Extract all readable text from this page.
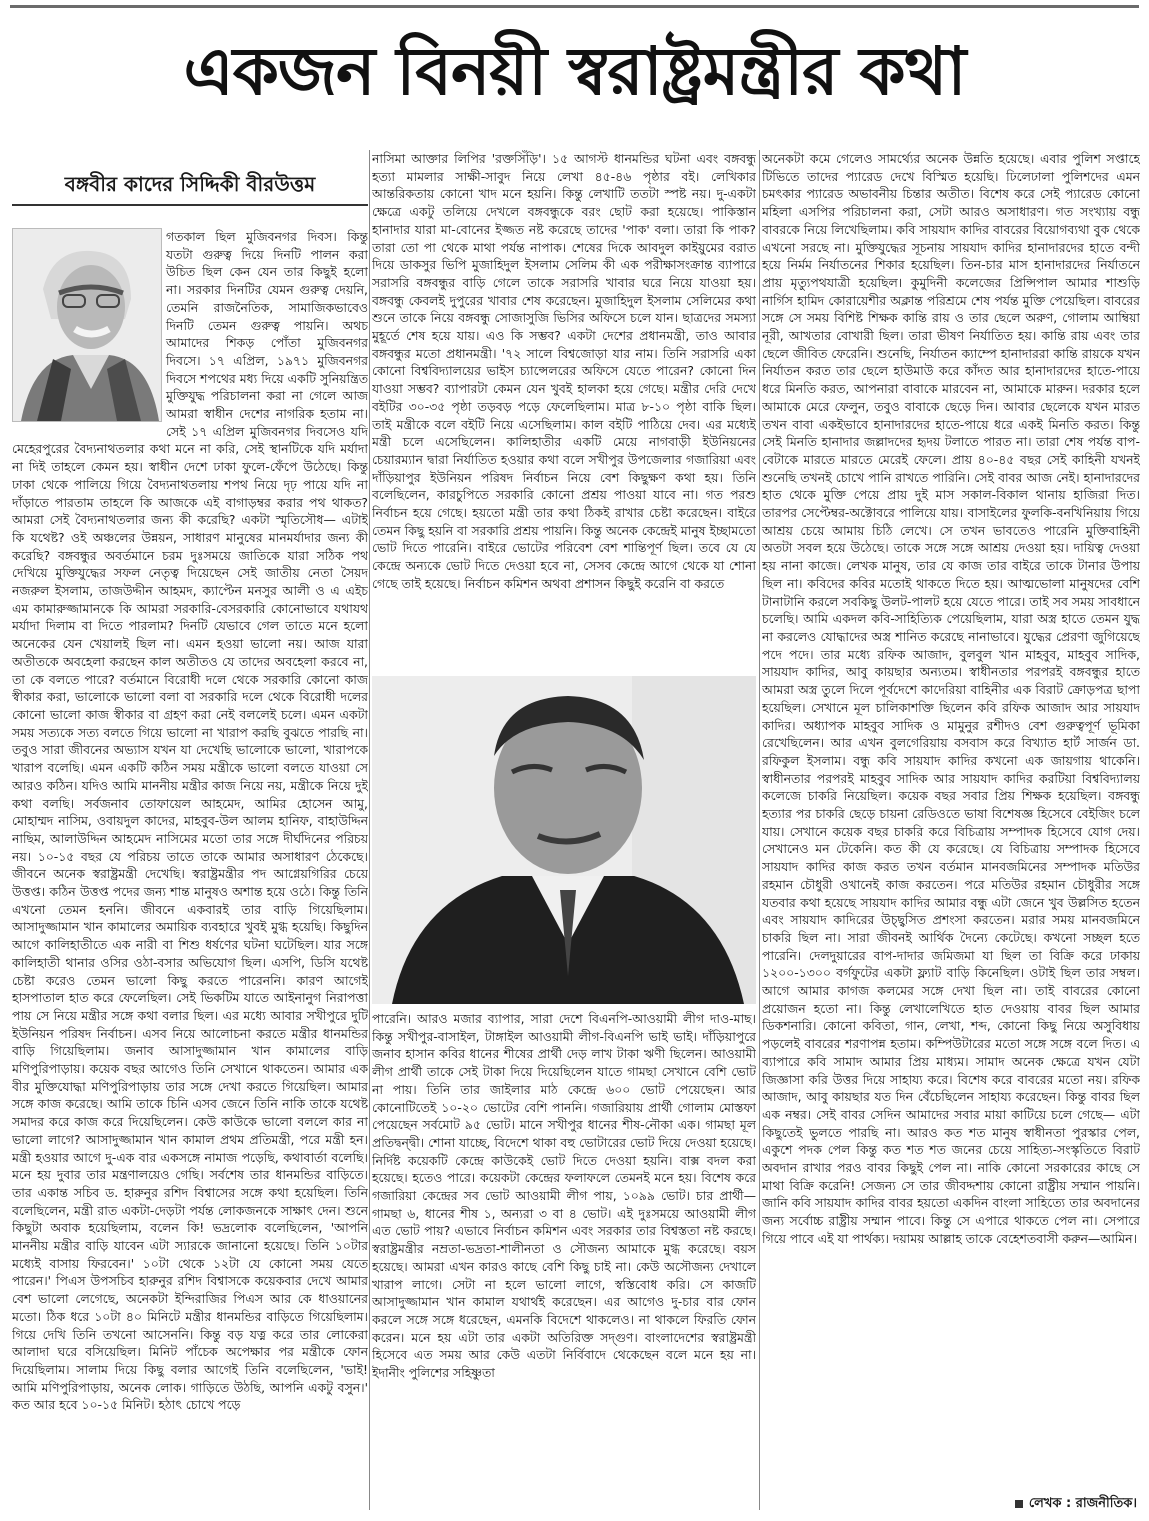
একজন বিনয়ী স্বরাষ্ট্রমন্ত্রীর কথা
বঙ্গবীর কাদের সিদ্দিকী বীরউত্তম
গতকাল ছিল মুজিবনগর দিবস। কিন্তু যতটা গুরুত্ব দিয়ে দিনটি পালন করা উচিত ছিল কেন যেন তার কিছুই হলো না। সরকার দিনটির যেমন গুরুত্ব দেয়নি, তেমনি রাজনৈতিক, সামাজিকভাবেও দিনটি তেমন গুরুত্ব পায়নি। অথচ আমাদের শিকড় পোঁতা মুজিবনগর দিবসে। ১৭ এপ্রিল, ১৯৭১ মুজিবনগর দিবসে শপথের মধ্য দিয়ে একটি সুনিয়ন্ত্রিত মুক্তিযুদ্ধ পরিচালনা করা না গেলে আজ আমরা স্বাধীন দেশের নাগরিক হতাম না। সেই ১৭ এপ্রিল মুজিবনগর দিবসেও যদি মেহেরপুরের বৈদ্যনাথতলার কথা মনে না করি, সেই স্থানটিকে যদি মর্যাদা না দিই তাহলে কেমন হয়। স্বাধীন দেশে ঢাকা ফুলে-ফেঁপে উঠেছে। কিন্তু ঢাকা থেকে পালিয়ে গিয়ে বৈদ্যনাথতলায় শপথ নিয়ে দৃঢ় পায়ে যদি না দাঁড়াতে পারতাম তাহলে কি আজকে এই বাগাড়ম্বর করার পথ থাকত? আমরা সেই বৈদ্যনাথতলার জন্য কী করেছি? একটা স্মৃতিসৌধ— এটাই কি যথেষ্ট? ওই অঞ্চলের উন্নয়ন, সাধারণ মানুষের মানমর্যাদার জন্য কী করেছি? বঙ্গবন্ধুর অবর্তমানে চরম দুঃসময়ে জাতিকে যারা সঠিক পথ দেখিয়ে মুক্তিযুদ্ধের সফল নেতৃত্ব দিয়েছেন সেই জাতীয় নেতা সৈয়দ নজরুল ইসলাম, তাজউদ্দীন আহমদ, ক্যাপ্টেন মনসুর আলী ও এ এইচ এম কামারুজ্জামানকে কি আমরা সরকারি-বেসরকারি কোনোভাবে যথাযথ মর্যাদা দিলাম বা দিতে পারলাম? দিনটি যেভাবে গেল তাতে মনে হলো অনেকের যেন খেয়ালই ছিল না। এমন হওয়া ভালো নয়। আজ যারা অতীতকে অবহেলা করছেন কাল অতীতও যে তাদের অবহেলা করবে না, তা কে বলতে পারে? বর্তমানে বিরোধী দলে থেকে সরকারি কোনো কাজ স্বীকার করা, ভালোকে ভালো বলা বা সরকারি দলে থেকে বিরোধী দলের কোনো ভালো কাজ স্বীকার বা গ্রহণ করা নেই বললেই চলে। এমন একটা সময় সত্যকে সত্য বলতে গিয়ে ভালো না খারাপ করছি বুঝতে পারছি না। তবুও সারা জীবনের অভ্যাস যখন যা দেখেছি ভালোকে ভালো, খারাপকে খারাপ বলেছি। এমন একটি কঠিন সময় মন্ত্রীকে ভালো বলতে যাওয়া সে আরও কঠিন। যদিও আমি মাননীয় মন্ত্রীর কাজ নিয়ে নয়, মন্ত্রীকে নিয়ে দুই কথা বলছি। সর্বজনাব তোফায়েল আহমেদ, আমির হোসেন আমু, মোহাম্মদ নাসিম, ওবায়দুল কাদের, মাহবুব-উল আলম হানিফ, বাহাউদ্দিন নাছিম, আলাউদ্দিন আহমেদ নাসিমের মতো তার সঙ্গে দীর্ঘদিনের পরিচয় নয়। ১০-১৫ বছর যে পরিচয় তাতে তাকে আমার অসাধারণ ঠেকেছে। জীবনে অনেক স্বরাষ্ট্রমন্ত্রী দেখেছি। স্বরাষ্ট্রমন্ত্রীর পদ আগ্নেয়গিরির চেয়ে উত্তপ্ত। কঠিন উত্তপ্ত পদের জন্য শান্ত মানুষও অশান্ত হয়ে ওঠে। কিন্তু তিনি এখনো তেমন হননি। জীবনে একবারই তার বাড়ি গিয়েছিলাম। আসাদুজ্জামান খান কামালের অমায়িক ব্যবহারে খুবই মুগ্ধ হয়েছি। কিছুদিন আগে কালিহাতীতে এক নারী বা শিশু ধর্ষণের ঘটনা ঘটেছিল। যার সঙ্গে কালিহাতী থানার ওসির ওঠা-বসার অভিযোগ ছিল। এসপি, ডিসি যথেষ্ট চেষ্টা করেও তেমন ভালো কিছু করতে পারেননি। কারণ আগেই হাসপাতাল হাত করে ফেলেছিল। সেই ভিকটিম যাতে আইনানুগ নিরাপত্তা পায় সে নিয়ে মন্ত্রীর সঙ্গে কথা বলার ছিল। এর মধ্যে আবার সখীপুরে দুটি ইউনিয়ন পরিষদ নির্বাচন। এসব নিয়ে আলোচনা করতে মন্ত্রীর ধানমন্ডির বাড়ি গিয়েছিলাম। জনাব আসাদুজ্জামান খান কামালের বাড়ি মণিপুরিপাড়ায়। কয়েক বছর আগেও তিনি সেখানে থাকতেন। আমার এক বীর মুক্তিযোদ্ধা মণিপুরিপাড়ায় তার সঙ্গে দেখা করতে গিয়েছিল। আমার সঙ্গে কাজ করেছে। আমি তাকে চিনি এসব জেনে তিনি নাকি তাকে যথেষ্ট সমাদর করে কাজ করে দিয়েছিলেন। কেউ কাউকে ভালো বললে কার না ভালো লাগে? আসাদুজ্জামান খান কামাল প্রথম প্রতিমন্ত্রী, পরে মন্ত্রী হন। মন্ত্রী হওয়ার আগে দু-এক বার একসঙ্গে নামাজ পড়েছি, কথাবার্তা বলেছি। মনে হয় দুবার তার মন্ত্রণালয়েও গেছি। সর্বশেষ তার ধানমন্ডির বাড়িতে। তার একান্ত সচিব ড. হারুনুর রশিদ বিশ্বাসের সঙ্গে কথা হয়েছিল। তিনি বলেছিলেন, মন্ত্রী রাত একটা-দেড়টা পর্যন্ত লোকজনকে সাক্ষাৎ দেন। শুনে কিছুটা অবাক হয়েছিলাম, বলেন কি! ভদ্রলোক বলেছিলেন, 'আপনি মাননীয় মন্ত্রীর বাড়ি যাবেন এটা স্যারকে জানানো হয়েছে। তিনি ১০টার মধ্যেই বাসায় ফিরবেন।' ১০টা থেকে ১২টা যে কোনো সময় যেতে পারেন।' পিএস উপসচিব হারুনুর রশিদ বিশ্বাসকে কয়েকবার দেখে আমার বেশ ভালো লেগেছে, অনেকটা ইন্দিরাজির পিএস আর কে ধাওয়ানের মতো। ঠিক ধরে ১০টা ৪০ মিনিটে মন্ত্রীর ধানমন্ডির বাড়িতে গিয়েছিলাম। গিয়ে দেখি তিনি তখনো আসেননি। কিন্তু বড় যত্ন করে তার লোকেরা আলাদা ঘরে বসিয়েছিল। মিনিট পাঁচেক অপেক্ষার পর মন্ত্রীকে ফোন দিয়েছিলাম। সালাম দিয়ে কিছু বলার আগেই তিনি বলেছিলেন, 'ভাই! আমি মণিপুরিপাড়ায়, অনেক লোক। গাড়িতে উঠছি, আপনি একটু বসুন।' কত আর হবে ১০-১৫ মিনিট। হঠাৎ চোখে পড়ে
নাসিমা আক্তার লিপির 'রক্তসিঁড়ি'। ১৫ আগস্ট ধানমন্ডির ঘটনা এবং বঙ্গবন্ধু হত্যা মামলার সাক্ষী-সাবুদ নিয়ে লেখা ৪৫-৪৬ পৃষ্ঠার বই। লেখিকার আন্তরিকতায় কোনো খাদ মনে হয়নি। কিন্তু লেখাটি ততটা স্পষ্ট নয়। দু-একটা ক্ষেত্রে একটু তলিয়ে দেখলে বঙ্গবন্ধুকে বরং ছোট করা হয়েছে। পাকিস্তান হানাদার যারা মা-বোনের ইজ্জত নষ্ট করেছে তাদের 'পাক' বলা। তারা কি পাক? তারা তো পা থেকে মাথা পর্যন্ত নাপাক। শেষের দিকে আবদুল কাইয়ুমের বরাত দিয়ে ডাকসুর ভিপি মুজাহিদুল ইসলাম সেলিম কী এক পরীক্ষাসংক্রান্ত ব্যাপারে সরাসরি বঙ্গবন্ধুর বাড়ি গেলে তাকে সরাসরি খাবার ঘরে নিয়ে যাওয়া হয়। বঙ্গবন্ধু কেবলই দুপুরের খাবার শেষ করেছেন। মুজাহিদুল ইসলাম সেলিমের কথা শুনে তাকে নিয়ে বঙ্গবন্ধু সোজাসুজি ভিসির অফিসে চলে যান। ছাত্রদের সমস্যা মুহূর্তে শেষ হয়ে যায়। এও কি সম্ভব? একটা দেশের প্রধানমন্ত্রী, তাও আবার বঙ্গবন্ধুর মতো প্রধানমন্ত্রী। '৭২ সালে বিশ্বজোড়া যার নাম। তিনি সরাসরি একা কোনো বিশ্ববিদ্যালয়ের ভাইস চ্যান্সেলরের অফিসে যেতে পারেন? কোনো দিন যাওয়া সম্ভব? ব্যাপারটা কেমন যেন খুবই হালকা হয়ে গেছে। মন্ত্রীর দেরি দেখে বইটির ৩০-৩৫ পৃষ্ঠা তড়বড় পড়ে ফেলেছিলাম। মাত্র ৮-১০ পৃষ্ঠা বাকি ছিল। তাই মন্ত্রীকে বলে বইটি নিয়ে এসেছিলাম। কাল বইটি পাঠিয়ে দেব। এর মধ্যেই মন্ত্রী চলে এসেছিলেন। কালিহাতীর একটি মেয়ে নাগবাড়ী ইউনিয়নের চেয়ারম্যান দ্বারা নির্যাতিত হওয়ার কথা বলে সখীপুর উপজেলার গজারিয়া এবং দাঁড়িয়াপুর ইউনিয়ন পরিষদ নির্বাচন নিয়ে বেশ কিছুক্ষণ কথা হয়। তিনি বলেছিলেন, কারচুপিতে সরকারি কোনো প্রশ্রয় পাওয়া যাবে না। গত পরশু নির্বাচন হয়ে গেছে। হয়তো মন্ত্রী তার কথা ঠিকই রাখার চেষ্টা করেছেন। বাইরে তেমন কিছু হয়নি বা সরকারি প্রশ্রয় পায়নি। কিন্তু অনেক কেন্দ্রেই মানুষ ইচ্ছামতো ভোট দিতে পারেনি। বাইরে ভোটের পরিবেশ বেশ শান্তিপূর্ণ ছিল। তবে যে যে কেন্দ্রে অন্যকে ভোট দিতে দেওয়া হবে না, সেসব কেন্দ্রে আগে থেকে যা শোনা গেছে তাই হয়েছে। নির্বাচন কমিশন অথবা প্রশাসন কিছুই করেনি বা করতে
পারেনি। আরও মজার ব্যাপার, সারা দেশে বিএনপি-আওয়ামী লীগ দাও-মাছ। কিন্তু সখীপুর-বাসাইল, টাঙ্গাইল আওয়ামী লীগ-বিএনপি ভাই ভাই। দাঁড়িয়াপুরে জনাব হাসান কবির ধানের শীষের প্রার্থী দেড় লাখ টাকা ঋণী ছিলেন। আওয়ামী লীগ প্রার্থী তাকে সেই টাকা দিয়ে দিয়েছিলেন যাতে গামছা সেখানে বেশি ভোট না পায়। তিনি তার জাইলার মাঠ কেন্দ্রে ৬০০ ভোট পেয়েছেন। আর কোনোটিতেই ১০-২০ ভোটের বেশি পাননি। গজারিয়ায় প্রার্থী গোলাম মোস্তফা পেয়েছেন সর্বমোট ৯৫ ভোট। মানে সখীপুর ধানের শীষ-নৌকা এক। গামছা মূল প্রতিদ্বন্দ্বী। শোনা যাচ্ছে, বিদেশে থাকা বহু ভোটারের ভোট দিয়ে দেওয়া হয়েছে। নির্দিষ্ট কয়েকটি কেন্দ্রে কাউকেই ভোট দিতে দেওয়া হয়নি। বাক্স বদল করা হয়েছে। হতেও পারে। কয়েকটা কেন্দ্রের ফলাফলে তেমনই মনে হয়। বিশেষ করে গজারিয়া কেন্দ্রের সব ভোট আওয়ামী লীগ পায়, ১০৯৯ ভোট। চার প্রার্থী— গামছা ৬, ধানের শীষ ১, অন্যরা ৩ বা ৪ ভোট। এই দুঃসময়ে আওয়ামী লীগ এত ভোট পায়? এভাবে নির্বাচন কমিশন এবং সরকার তার বিশ্বস্ততা নষ্ট করছে। স্বরাষ্ট্রমন্ত্রীর নম্রতা-ভদ্রতা-শালীনতা ও সৌজন্য আমাকে মুগ্ধ করেছে। বয়স হয়েছে। আমরা এখন কারও কাছে বেশি কিছু চাই না। কেউ অসৌজন্য দেখালে খারাপ লাগে। সেটা না হলে ভালো লাগে, স্বস্তিবোধ করি। সে কাজটি আসাদুজ্জামান খান কামাল যথার্থই করেছেন। এর আগেও দু-চার বার ফোন করলে সঙ্গে সঙ্গে ধরেছেন, এমনকি বিদেশে থাকলেও। না থাকলে ফিরতি ফোন করেন। মনে হয় এটা তার একটা অতিরিক্ত সদ্গুণ। বাংলাদেশের স্বরাষ্ট্রমন্ত্রী হিসেবে এত সময় আর কেউ এতটা নির্বিবাদে থেকেছেন বলে মনে হয় না। ইদানীং পুলিশের সহিষ্ণুতা
অনেকটা কমে গেলেও সামর্থ্যের অনেক উন্নতি হয়েছে। এবার পুলিশ সপ্তাহে টিভিতে তাদের প্যারেড দেখে বিস্মিত হয়েছি। ঢিলেঢালা পুলিশদের এমন চমৎকার প্যারেড অভাবনীয় চিন্তার অতীত। বিশেষ করে সেই প্যারেড কোনো মহিলা এসপির পরিচালনা করা, সেটা আরও অসাধারণ। গত সংখ্যায় বন্ধু বাবরকে নিয়ে লিখেছিলাম। কবি সায়যাদ কাদির বাবরের বিয়োগব্যথা বুক থেকে এখনো সরছে না। মুক্তিযুদ্ধের সূচনায় সায়যাদ কাদির হানাদারদের হাতে বন্দী হয়ে নির্মম নির্যাতনের শিকার হয়েছিল। তিন-চার মাস হানাদারদের নির্যাতনে প্রায় মৃত্যুপথযাত্রী হয়েছিল। কুমুদিনী কলেজের প্রিন্সিপাল আমার শাশুড়ি নার্গিস হামিদ কোরায়েশীর অক্লান্ত পরিশ্রমে শেষ পর্যন্ত মুক্তি পেয়েছিল। বাবরের সঙ্গে সে সময় বিশিষ্ট শিক্ষক কান্তি রায় ও তার ছেলে অরুণ, গোলাম আম্বিয়া নূরী, আখতার বোখারী ছিল। তারা ভীষণ নির্যাতিত হয়। কান্তি রায় এবং তার ছেলে জীবিত ফেরেনি। শুনেছি, নির্যাতন ক্যাম্পে হানাদাররা কান্তি রায়কে যখন নির্যাতন করত তার ছেলে হাউমাউ করে কাঁদত আর হানাদারদের হাতে-পায়ে ধরে মিনতি করত, আপনারা বাবাকে মারবেন না, আমাকে মারুন। দরকার হলে আমাকে মেরে ফেলুন, তবুও বাবাকে ছেড়ে দিন। আবার ছেলেকে যখন মারত তখন বাবা একইভাবে হানাদারদের হাতে-পায়ে ধরে একই মিনতি করত। কিন্তু সেই মিনতি হানাদার জল্লাদদের হৃদয় টলাতে পারত না। তারা শেষ পর্যন্ত বাপ-বেটাকে মারতে মারতে মেরেই ফেলে। প্রায় ৪০-৪৫ বছর সেই কাহিনী যখনই শুনেছি তখনই চোখে পানি রাখতে পারিনি। সেই বাবর আজ নেই। হানাদারদের হাত থেকে মুক্তি পেয়ে প্রায় দুই মাস সকাল-বিকাল থানায় হাজিরা দিত। তারপর সেপ্টেম্বর-অক্টোবরে পালিয়ে যায়। বাসাইলের ফুলকি-বনখিনিয়ায় গিয়ে আশ্রয় চেয়ে আমায় চিঠি লেখে। সে তখন ভাবতেও পারেনি মুক্তিবাহিনী অতটা সবল হয়ে উঠেছে। তাকে সঙ্গে সঙ্গে আশ্রয় দেওয়া হয়। দায়িত্ব দেওয়া হয় নানা কাজে। লেখক মানুষ, তার যে কাজ তার বাইরে তাকে টানার উপায় ছিল না। কবিদের কবির মতোই থাকতে দিতে হয়। আত্মভোলা মানুষদের বেশি টানাটানি করলে সবকিছু উলট-পালট হয়ে যেতে পারে। তাই সব সময় সাবধানে চলেছি। আমি একদল কবি-সাহিত্যিক পেয়েছিলাম, যারা অস্ত্র হাতে তেমন যুদ্ধ না করলেও যোদ্ধাদের অস্ত্র শানিত করেছে নানাভাবে। যুদ্ধের প্রেরণা জুগিয়েছে পদে পদে। তার মধ্যে রফিক আজাদ, বুলবুল খান মাহবুব, মাহবুব সাদিক, সায়যাদ কাদির, আবু কায়ছার অন্যতম। স্বাধীনতার পরপরই বঙ্গবন্ধুর হাতে আমরা অস্ত্র তুলে দিলে পূর্বদেশে কাদেরিয়া বাহিনীর এক বিরাট ক্রোড়পত্র ছাপা হয়েছিল। সেখানে মূল চালিকাশক্তি ছিলেন কবি রফিক আজাদ আর সায়যাদ কাদির। অধ্যাপক মাহবুব সাদিক ও মামুনুর রশীদও বেশ গুরুত্বপূর্ণ ভূমিকা রেখেছিলেন। আর এখন বুলগেরিয়ায় বসবাস করে বিখ্যাত হার্ট সার্জন ডা. রফিকুল ইসলাম। বন্ধু কবি সায়যাদ কাদির কখনো এক জায়গায় থাকেনি। স্বাধীনতার পরপরই মাহবুব সাদিক আর সায়যাদ কাদির করটিয়া বিশ্ববিদ্যালয় কলেজে চাকরি নিয়েছিল। কয়েক বছর সবার প্রিয় শিক্ষক হয়েছিল। বঙ্গবন্ধু হত্যার পর চাকরি ছেড়ে চায়না রেডিওতে ভাষা বিশেষজ্ঞ হিসেবে বেইজিং চলে যায়। সেখানে কয়েক বছর চাকরি করে বিচিত্রায় সম্পাদক হিসেবে যোগ দেয়। সেখানেও মন টেকেনি। কত কী যে করেছে। যে বিচিত্রায় সম্পাদক হিসেবে সায়যাদ কাদির কাজ করত তখন বর্তমান মানবজমিনের সম্পাদক মতিউর রহমান চৌধুরী ওখানেই কাজ করতেন। পরে মতিউর রহমান চৌধুরীর সঙ্গে যতবার কথা হয়েছে সায়যাদ কাদির আমার বন্ধু এটা জেনে খুব উল্লসিত হতেন এবং সায়যাদ কাদিরের উচ্ছ্বসিত প্রশংসা করতেন। মরার সময় মানবজমিনে চাকরি ছিল না। সারা জীবনই আর্থিক দৈন্যে কেটেছে। কখনো সচ্ছল হতে পারেনি। দেলদুয়ারের বাপ-দাদার জমিজমা যা ছিল তা বিক্রি করে ঢাকায় ১২০০-১৩০০ বর্গফুটের একটা ফ্ল্যাট বাড়ি কিনেছিল। ওটাই ছিল তার সম্বল। আগে আমার কাগজ কলমের সঙ্গে দেখা ছিল না। তাই বাবরের কোনো প্রয়োজন হতো না। কিন্তু লেখালেখিতে হাত দেওয়ায় বাবর ছিল আমার ডিকশনারি। কোনো কবিতা, গান, লেখা, শব্দ, কোনো কিছু নিয়ে অসুবিধায় পড়লেই বাবরের শরণাপন্ন হতাম। কম্পিউটারের মতো সঙ্গে সঙ্গে বলে দিত। এ ব্যাপারে কবি সামাদ আমার প্রিয় মাধ্যম। সামাদ অনেক ক্ষেত্রে যখন যেটা জিজ্ঞাসা করি উত্তর দিয়ে সাহায্য করে। বিশেষ করে বাবরের মতো নয়। রফিক আজাদ, আবু কায়ছার যত দিন বেঁচেছিলেন সাহায্য করেছেন। কিন্তু বাবর ছিল এক নম্বর। সেই বাবর সেদিন আমাদের সবার মায়া কাটিয়ে চলে গেছে— এটা কিছুতেই ভুলতে পারছি না। আরও কত শত মানুষ স্বাধীনতা পুরস্কার পেল, একুশে পদক পেল কিন্তু কত শত শত জনের চেয়ে সাহিত্য-সংস্কৃতিতে বিরাট অবদান রাখার পরও বাবর কিছুই পেল না। নাকি কোনো সরকারের কাছে সে মাথা বিক্রি করেনি! সেজন্য সে তার জীবদ্দশায় কোনো রাষ্ট্রীয় সম্মান পায়নি। জানি কবি সায়যাদ কাদির বাবর হয়তো একদিন বাংলা সাহিত্যে তার অবদানের জন্য সর্বোচ্চ রাষ্ট্রীয় সম্মান পাবে। কিন্তু সে এপারে থাকতে পেল না। সেপারে গিয়ে পাবে এই যা পার্থক্য। দয়াময় আল্লাহ তাকে বেহেশতবাসী করুন—আমিন।
লেখক : রাজনীতিক।
